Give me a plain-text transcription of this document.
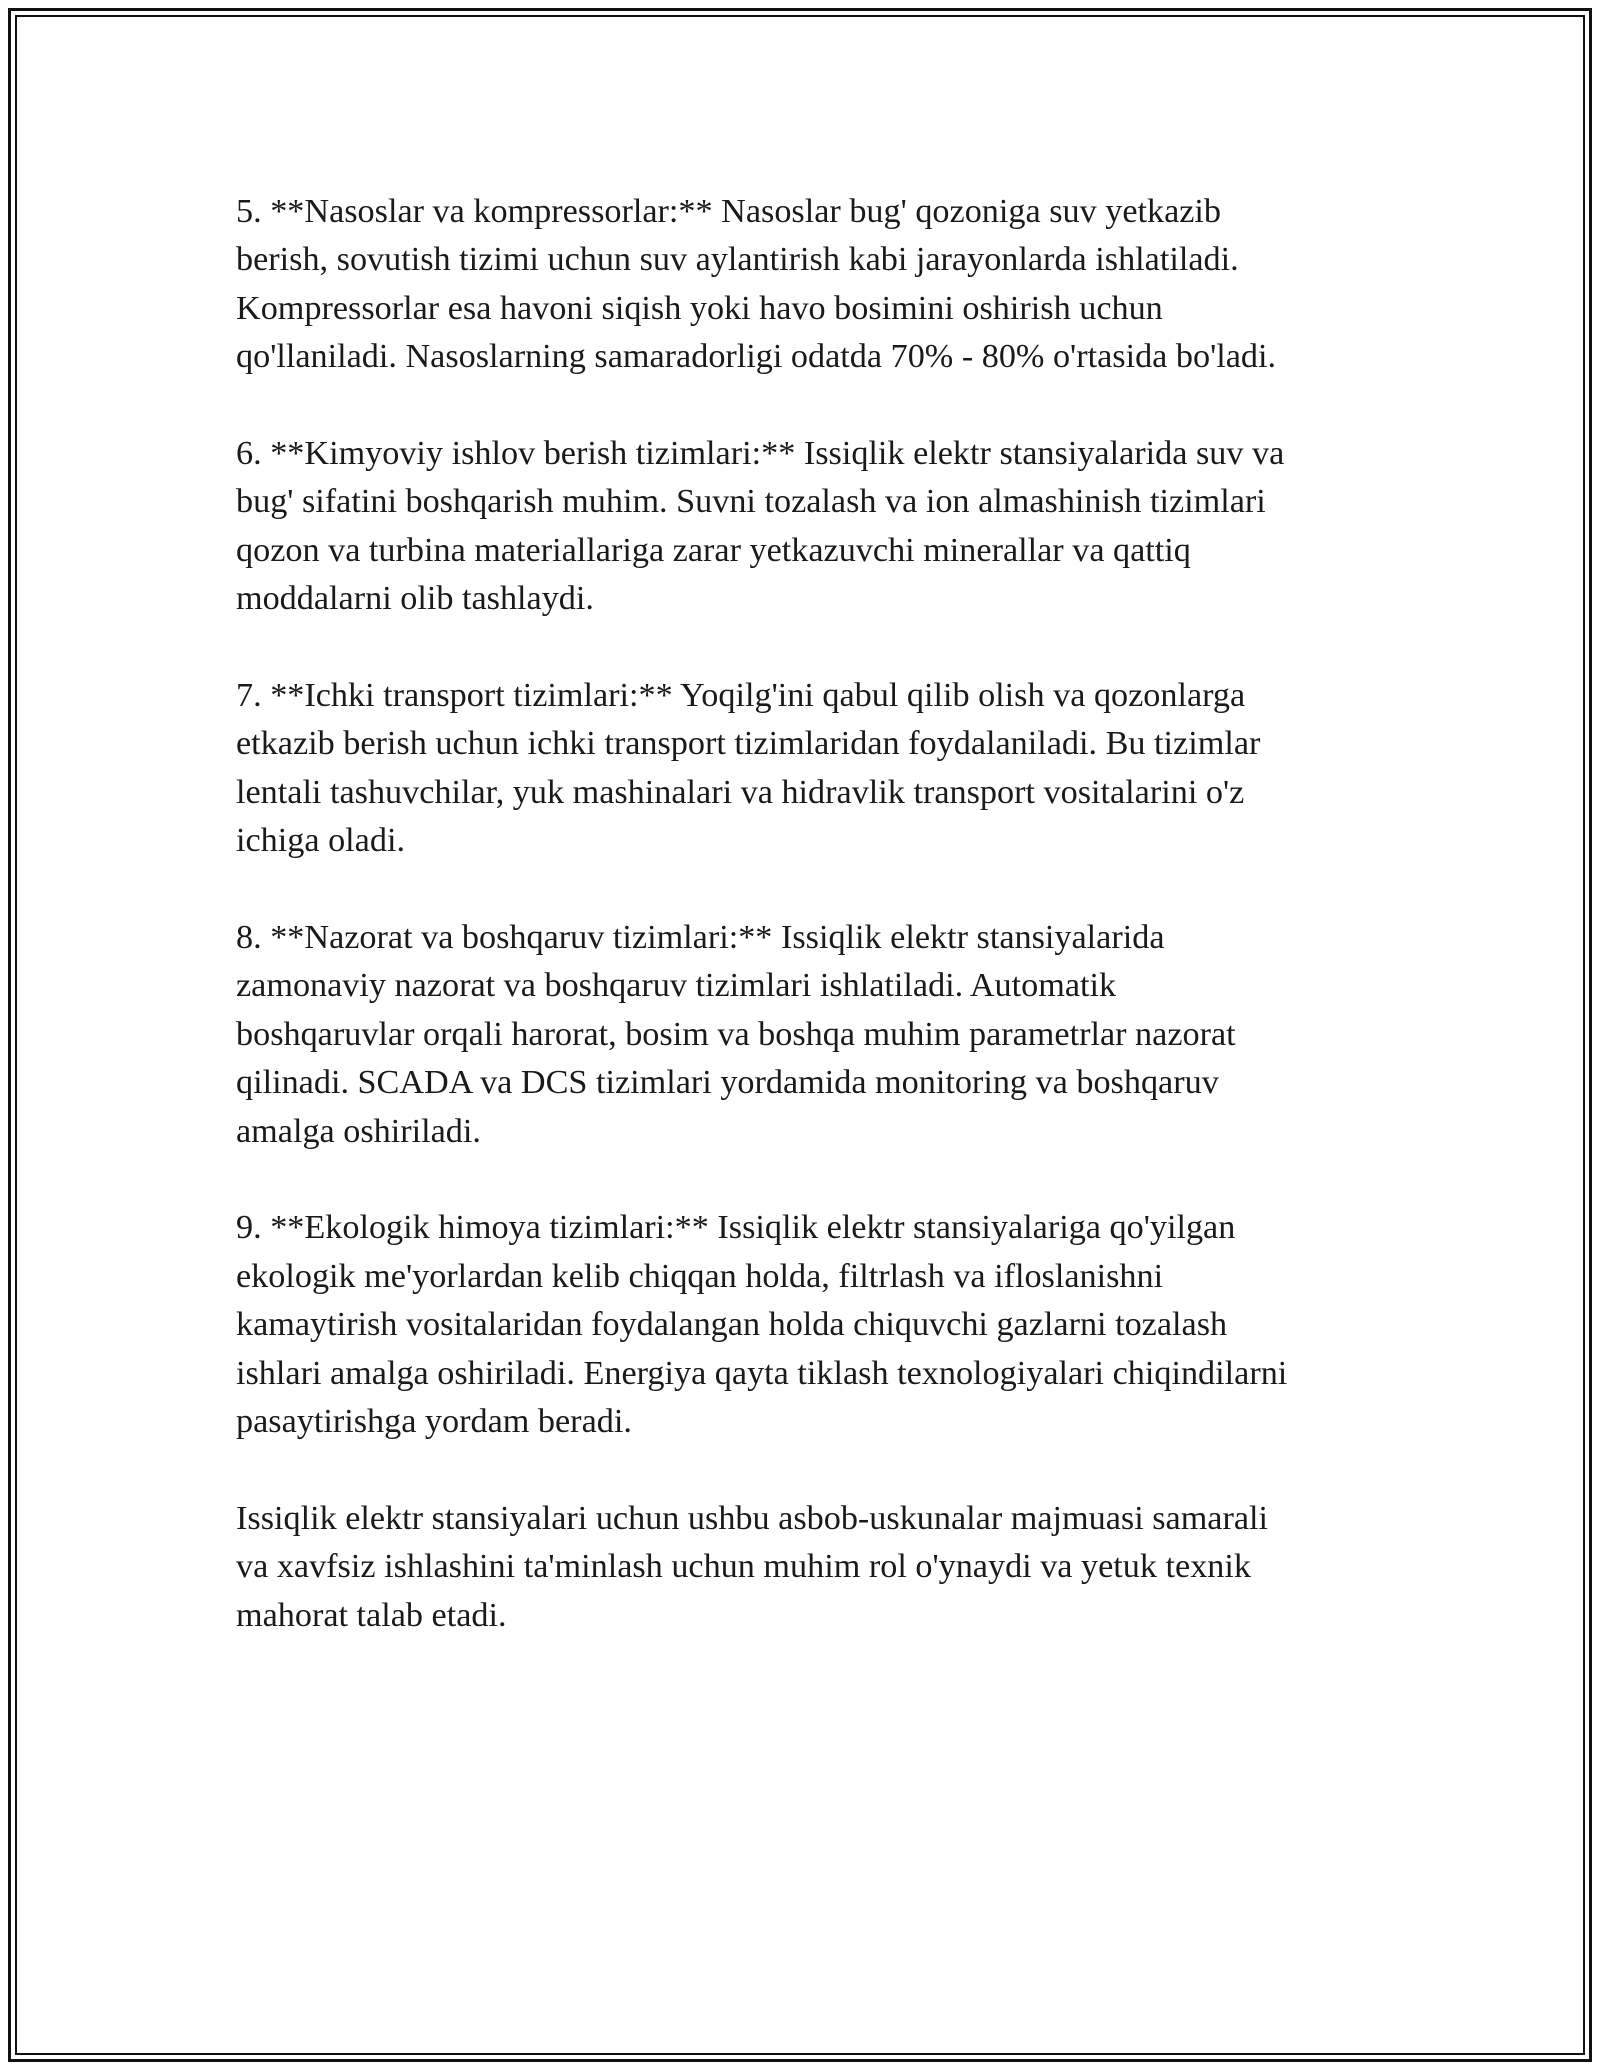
5. **Nasoslar va kompressorlar:** Nasoslar bug' qozoniga suv yetkazib
berish, sovutish tizimi uchun suv aylantirish kabi jarayonlarda ishlatiladi.
Kompressorlar esa havoni siqish yoki havo bosimini oshirish uchun
qo'llaniladi. Nasoslarning samaradorligi odatda 70% - 80% o'rtasida bo'ladi.

6. **Kimyoviy ishlov berish tizimlari:** Issiqlik elektr stansiyalarida suv va
bug' sifatini boshqarish muhim. Suvni tozalash va ion almashinish tizimlari
qozon va turbina materiallariga zarar yetkazuvchi minerallar va qattiq
moddalarni olib tashlaydi.

7. **Ichki transport tizimlari:** Yoqilg'ini qabul qilib olish va qozonlarga
etkazib berish uchun ichki transport tizimlaridan foydalaniladi. Bu tizimlar
lentali tashuvchilar, yuk mashinalari va hidravlik transport vositalarini o'z
ichiga oladi.

8. **Nazorat va boshqaruv tizimlari:** Issiqlik elektr stansiyalarida
zamonaviy nazorat va boshqaruv tizimlari ishlatiladi. Automatik
boshqaruvlar orqali harorat, bosim va boshqa muhim parametrlar nazorat
qilinadi. SCADA va DCS tizimlari yordamida monitoring va boshqaruv
amalga oshiriladi.

9. **Ekologik himoya tizimlari:** Issiqlik elektr stansiyalariga qo'yilgan
ekologik me'yorlardan kelib chiqqan holda, filtrlash va ifloslanishni
kamaytirish vositalaridan foydalangan holda chiquvchi gazlarni tozalash
ishlari amalga oshiriladi. Energiya qayta tiklash texnologiyalari chiqindilarni
pasaytirishga yordam beradi.

Issiqlik elektr stansiyalari uchun ushbu asbob-uskunalar majmuasi samarali
va xavfsiz ishlashini ta'minlash uchun muhim rol o'ynaydi va yetuk texnik
mahorat talab etadi.
